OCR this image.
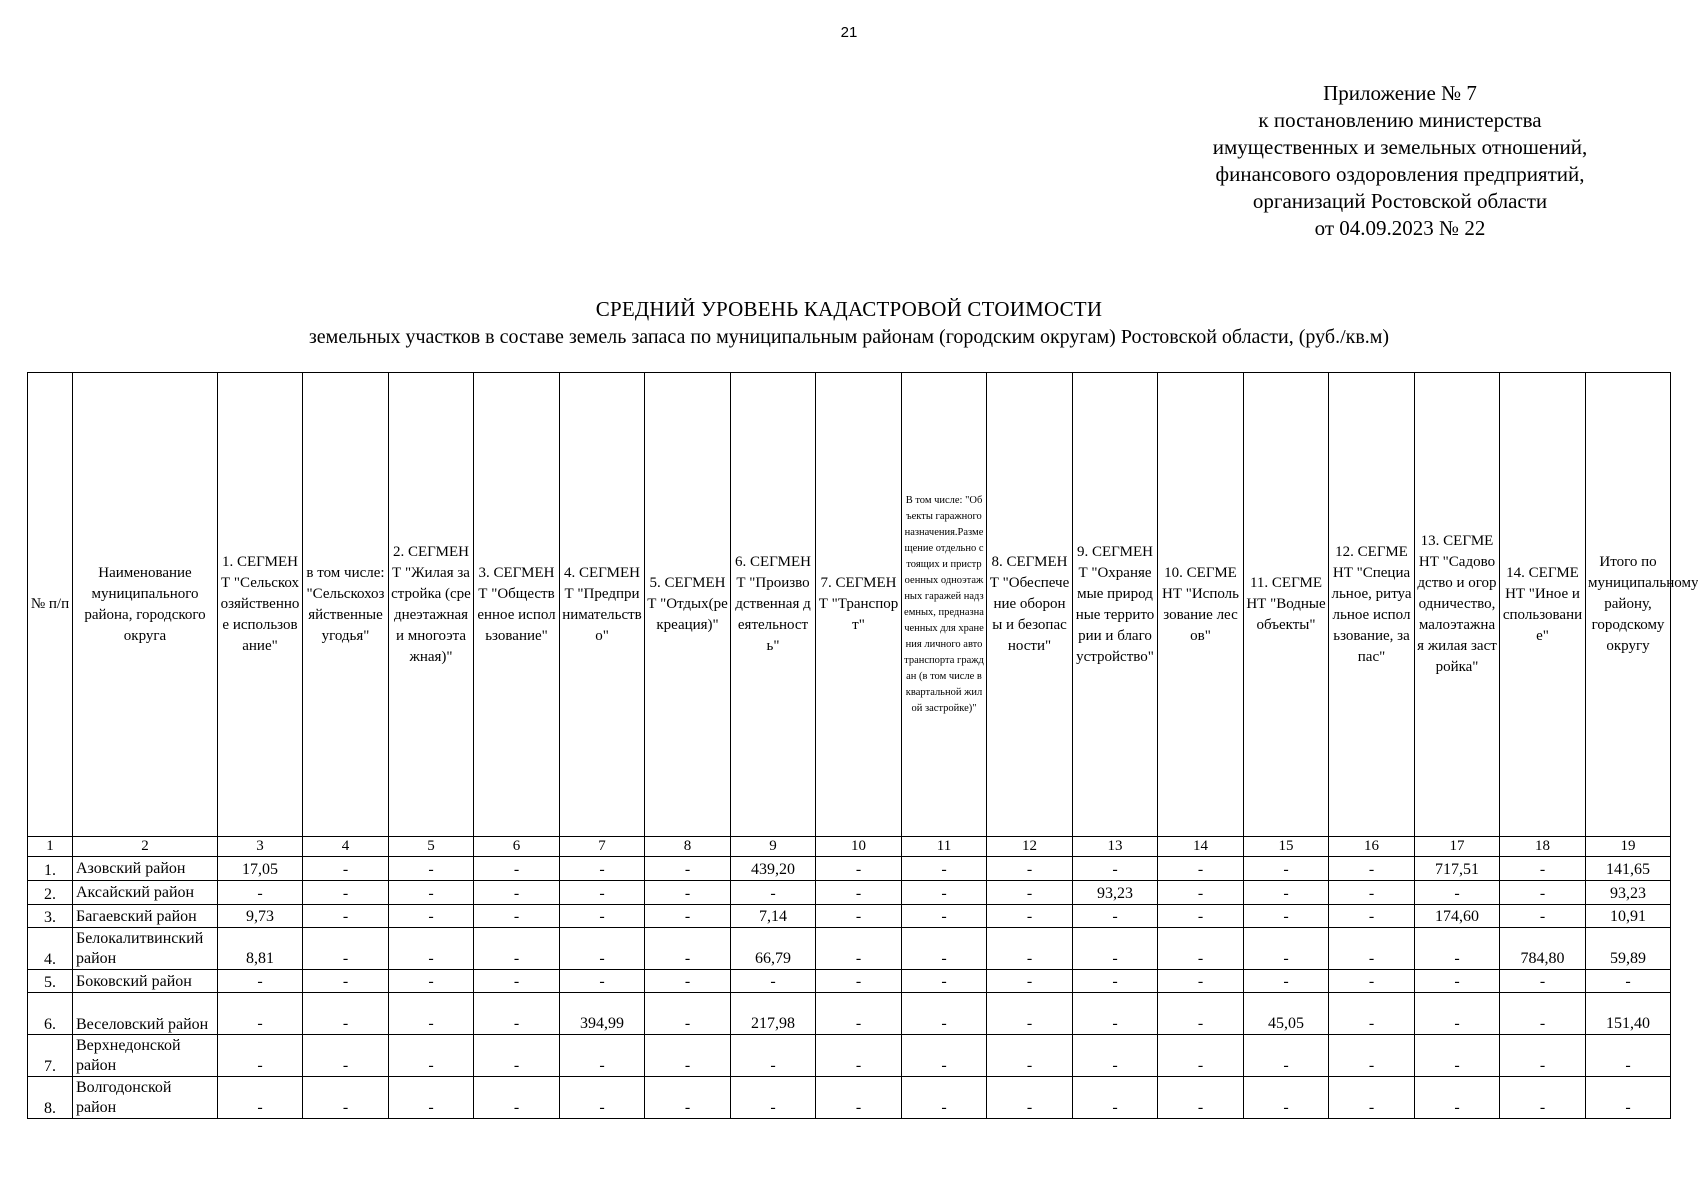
21
Приложение № 7
к постановлению министерства
имущественных и земельных отношений,
финансового оздоровления предприятий,
организаций Ростовской области
от 04.09.2023 № 22
СРЕДНИЙ УРОВЕНЬ КАДАСТРОВОЙ СТОИМОСТИ
земельных участков в составе земель запаса по муниципальным районам (городским округам) Ростовской области, (руб./кв.м)
№ п/п	Наименование муниципального района, городского округа	1. СЕГМЕНТ "Сельскохозяйственное использование"	в том числе: "Сельскохозяйственные угодья"	2. СЕГМЕНТ "Жилая застройка (среднеэтажная и многоэтажная)"	3. СЕГМЕНТ "Общественное использование"	4. СЕГМЕНТ "Предпринимательство"	5. СЕГМЕНТ "Отдых(рекреация)"	6. СЕГМЕНТ "Производственная деятельность"	7. СЕГМЕНТ "Транспорт"	В том числе: "Объекты гаражного назначения.Размещение отдельно стоящих и пристроенных одноэтажных гаражей надземных, предназначенных для хранения личного автотранспорта граждан (в том числе в квартальной жилой застройке)"	8. СЕГМЕНТ "Обеспечение обороны и безопасности"	9. СЕГМЕНТ "Охраняемые природные территории и благоустройство"	10. СЕГМЕНТ "Использование лесов"	11. СЕГМЕНТ "Водные объекты"	12. СЕГМЕНТ "Специальное, ритуальное использование, запас"	13. СЕГМЕНТ "Садоводство и огородничество, малоэтажная жилая застройка"	14. СЕГМЕНТ "Иное использование"	Итого по муниципальному району, городскому округу
1	2	3	4	5	6	7	8	9	10	11	12	13	14	15	16	17	18	19
1.	Азовский район	17,05	-	-	-	-	-	439,20	-	-	-	-	-	-	-	717,51	-	141,65
2.	Аксайский район	-	-	-	-	-	-	-	-	-	-	93,23	-	-	-	-	-	93,23
3.	Багаевский район	9,73	-	-	-	-	-	7,14	-	-	-	-	-	-	-	174,60	-	10,91
4.	Белокалитвинский район	8,81	-	-	-	-	-	66,79	-	-	-	-	-	-	-	-	784,80	59,89
5.	Боковский район	-	-	-	-	-	-	-	-	-	-	-	-	-	-	-	-	-
6.	Веселовский район	-	-	-	-	394,99	-	217,98	-	-	-	-	-	45,05	-	-	-	151,40
7.	Верхнедонской район	-	-	-	-	-	-	-	-	-	-	-	-	-	-	-	-	-
8.	Волгодонской район	-	-	-	-	-	-	-	-	-	-	-	-	-	-	-	-	-
